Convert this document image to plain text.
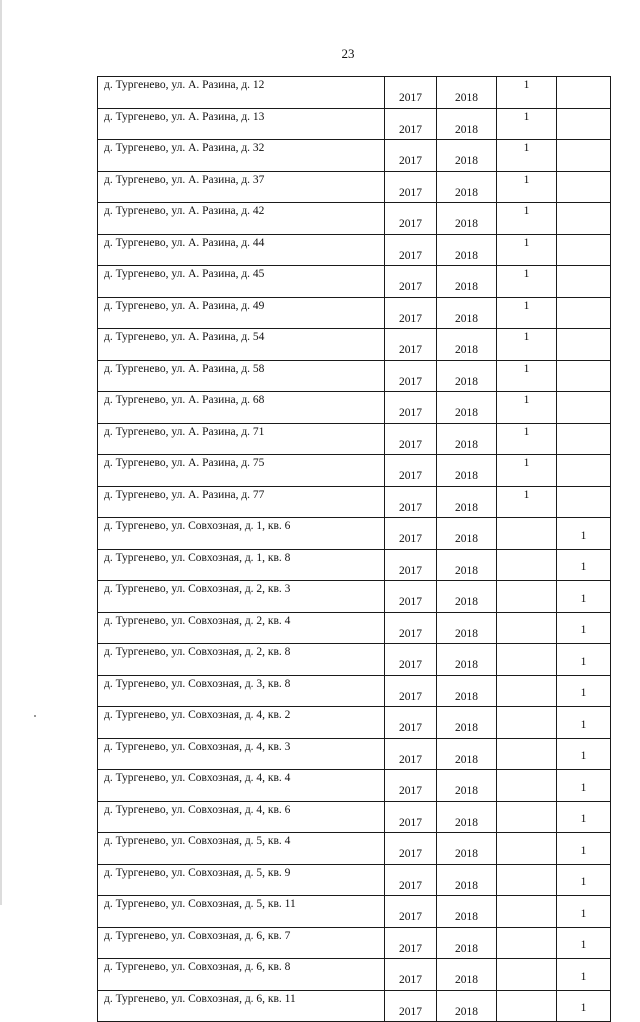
23
д. Тургенево, ул. А. Разина, д. 12	2017	2018	1	
д. Тургенево, ул. А. Разина, д. 13	2017	2018	1	
д. Тургенево, ул. А. Разина, д. 32	2017	2018	1	
д. Тургенево, ул. А. Разина, д. 37	2017	2018	1	
д. Тургенево, ул. А. Разина, д. 42	2017	2018	1	
д. Тургенево, ул. А. Разина, д. 44	2017	2018	1	
д. Тургенево, ул. А. Разина, д. 45	2017	2018	1	
д. Тургенево, ул. А. Разина, д. 49	2017	2018	1	
д. Тургенево, ул. А. Разина, д. 54	2017	2018	1	
д. Тургенево, ул. А. Разина, д. 58	2017	2018	1	
д. Тургенево, ул. А. Разина, д. 68	2017	2018	1	
д. Тургенево, ул. А. Разина, д. 71	2017	2018	1	
д. Тургенево, ул. А. Разина, д. 75	2017	2018	1	
д. Тургенево, ул. А. Разина, д. 77	2017	2018	1	
д. Тургенево, ул. Совхозная, д. 1, кв. 6	2017	2018		1
д. Тургенево, ул. Совхозная, д. 1, кв. 8	2017	2018		1
д. Тургенево, ул. Совхозная, д. 2, кв. 3	2017	2018		1
д. Тургенево, ул. Совхозная, д. 2, кв. 4	2017	2018		1
д. Тургенево, ул. Совхозная, д. 2, кв. 8	2017	2018		1
д. Тургенево, ул. Совхозная, д. 3, кв. 8	2017	2018		1
д. Тургенево, ул. Совхозная, д. 4, кв. 2	2017	2018		1
д. Тургенево, ул. Совхозная, д. 4, кв. 3	2017	2018		1
д. Тургенево, ул. Совхозная, д. 4, кв. 4	2017	2018		1
д. Тургенево, ул. Совхозная, д. 4, кв. 6	2017	2018		1
д. Тургенево, ул. Совхозная, д. 5, кв. 4	2017	2018		1
д. Тургенево, ул. Совхозная, д. 5, кв. 9	2017	2018		1
д. Тургенево, ул. Совхозная, д. 5, кв. 11	2017	2018		1
д. Тургенево, ул. Совхозная, д. 6, кв. 7	2017	2018		1
д. Тургенево, ул. Совхозная, д. 6, кв. 8	2017	2018		1
д. Тургенево, ул. Совхозная, д. 6, кв. 11	2017	2018		1
